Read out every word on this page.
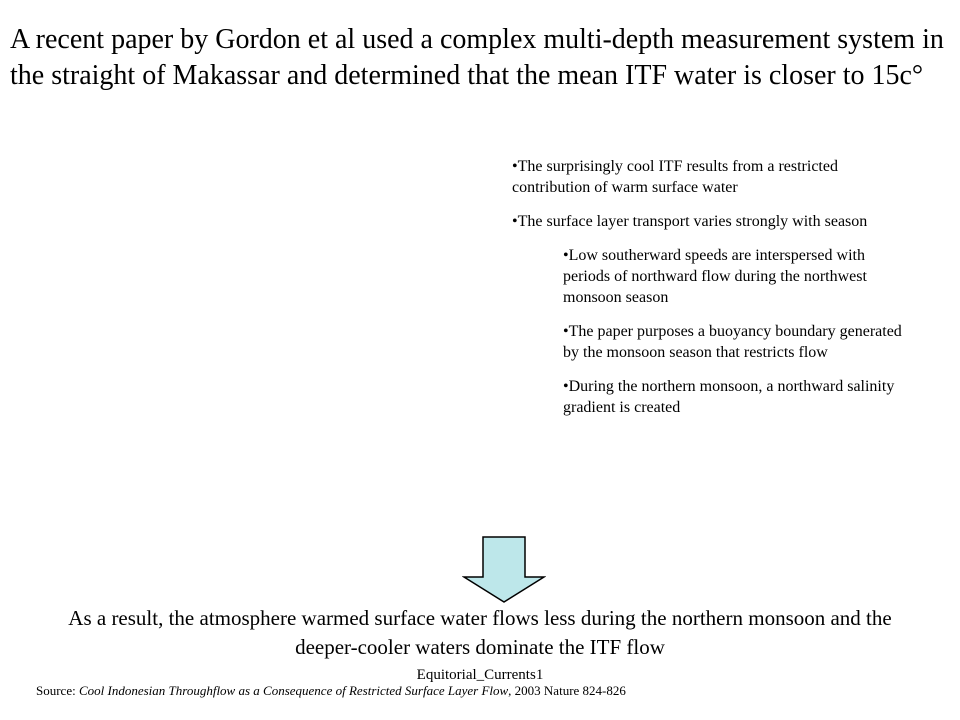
A recent paper by Gordon et al used a complex multi-depth measurement system in the straight of Makassar and determined that the mean ITF water is closer to 15c°
•The surprisingly cool ITF results from a restricted contribution of warm surface water
•The surface layer transport varies strongly with season
•Low southerward speeds are interspersed with periods of northward flow during the northwest monsoon season
•The paper purposes a buoyancy boundary generated by the monsoon season that restricts flow
•During the northern monsoon, a northward salinity gradient is created
As a result, the atmosphere warmed surface water flows less during the northern monsoon and the deeper-cooler waters dominate the ITF flow
Equitorial_Currents1
Source: Cool Indonesian Throughflow as a Consequence of Restricted Surface Layer Flow, 2003 Nature 824-826
